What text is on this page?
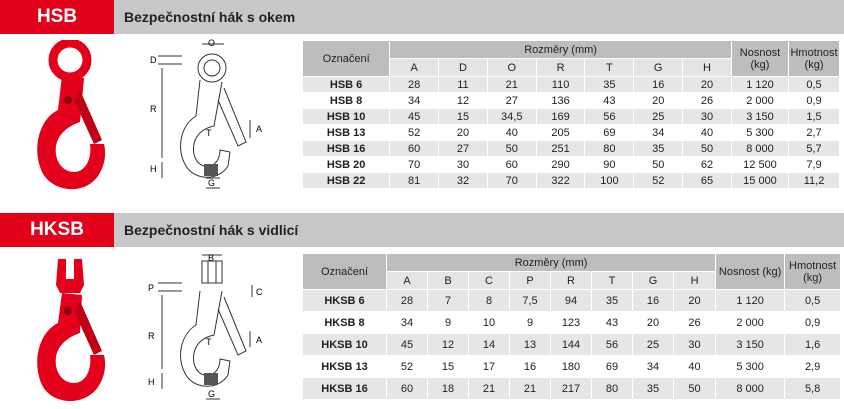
HSB	Bezpečnostní hák s okem
O
D
R
H
A
T
G
Označení	Rozměry (mm)							Nosnost (kg)	Hmotnost (kg)
	A	D	O	R	T	G	H		
HSB 6	28	11	21	110	35	16	20	1 120	0,5
HSB 8	34	12	27	136	43	20	26	2 000	0,9
HSB 10	45	15	34,5	169	56	25	30	3 150	1,5
HSB 13	52	20	40	205	69	34	40	5 300	2,7
HSB 16	60	27	50	251	80	35	50	8 000	5,7
HSB 20	70	30	60	290	90	50	62	12 500	7,9
HSB 22	81	32	70	322	100	52	65	15 000	11,2
HKSB	Bezpečnostní hák s vidlicí
B
P
R
H
C
A
T
G
Označení	Rozměry (mm)								Nosnost (kg)	Hmotnost (kg)
	A	B	C	P	R	T	G	H		
HKSB 6	28	7	8	7,5	94	35	16	20	1 120	0,5
HKSB 8	34	9	10	9	123	43	20	26	2 000	0,9
HKSB 10	45	12	14	13	144	56	25	30	3 150	1,6
HKSB 13	52	15	17	16	180	69	34	40	5 300	2,9
HKSB 16	60	18	21	21	217	80	35	50	8 000	5,8
